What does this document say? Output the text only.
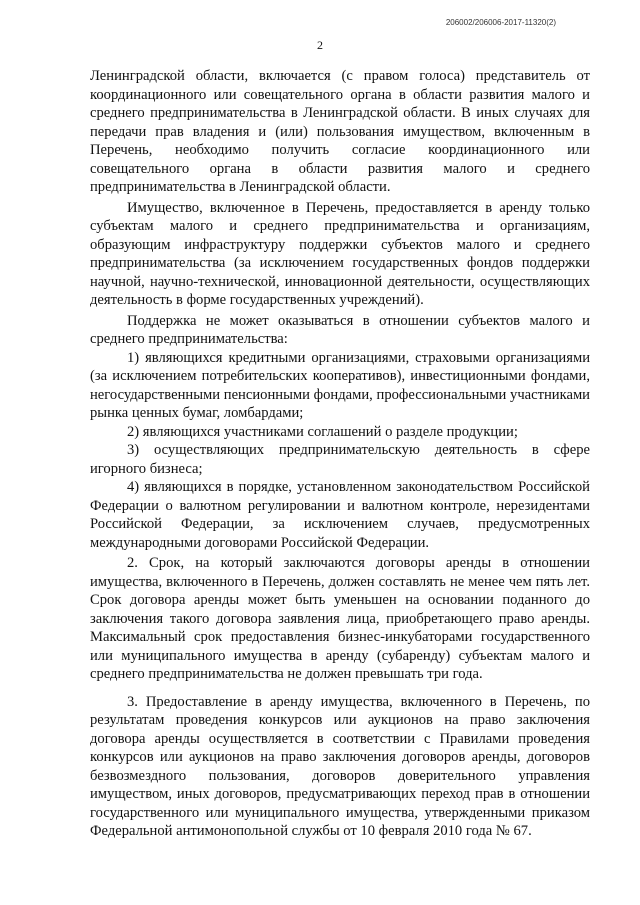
206002/206006-2017-11320(2)
2

Ленинградской области, включается (с правом голоса) представитель от координационного или совещательного органа в области развития малого и среднего предпринимательства в Ленинградской области. В иных случаях для передачи прав владения и (или) пользования имуществом, включенным в Перечень, необходимо получить согласие координационного или совещательного органа в области развития малого и среднего предпринимательства в Ленинградской области.

Имущество, включенное в Перечень, предоставляется в аренду только субъектам малого и среднего предпринимательства и организациям, образующим инфраструктуру поддержки субъектов малого и среднего предпринимательства (за исключением государственных фондов поддержки научной, научно-технической, инновационной деятельности, осуществляющих деятельность в форме государственных учреждений).

Поддержка не может оказываться в отношении субъектов малого и среднего предпринимательства:

1) являющихся кредитными организациями, страховыми организациями (за исключением потребительских кооперативов), инвестиционными фондами, негосударственными пенсионными фондами, профессиональными участниками рынка ценных бумаг, ломбардами;

2) являющихся участниками соглашений о разделе продукции;

3) осуществляющих предпринимательскую деятельность в сфере игорного бизнеса;

4) являющихся в порядке, установленном законодательством Российской Федерации о валютном регулировании и валютном контроле, нерезидентами Российской Федерации, за исключением случаев, предусмотренных международными договорами Российской Федерации.

2. Срок, на который заключаются договоры аренды в отношении имущества, включенного в Перечень, должен составлять не менее чем пять лет. Срок договора аренды может быть уменьшен на основании поданного до заключения такого договора заявления лица, приобретающего право аренды. Максимальный срок предоставления бизнес-инкубаторами государственного или муниципального имущества в аренду (субаренду) субъектам малого и среднего предпринимательства не должен превышать три года.

3. Предоставление в аренду имущества, включенного в Перечень, по результатам проведения конкурсов или аукционов на право заключения договора аренды осуществляется в соответствии с Правилами проведения конкурсов или аукционов на право заключения договоров аренды, договоров безвозмездного пользования, договоров доверительного управления имуществом, иных договоров, предусматривающих переход прав в отношении государственного или муниципального имущества, утвержденными приказом Федеральной антимонопольной службы от 10 февраля 2010 года № 67.
